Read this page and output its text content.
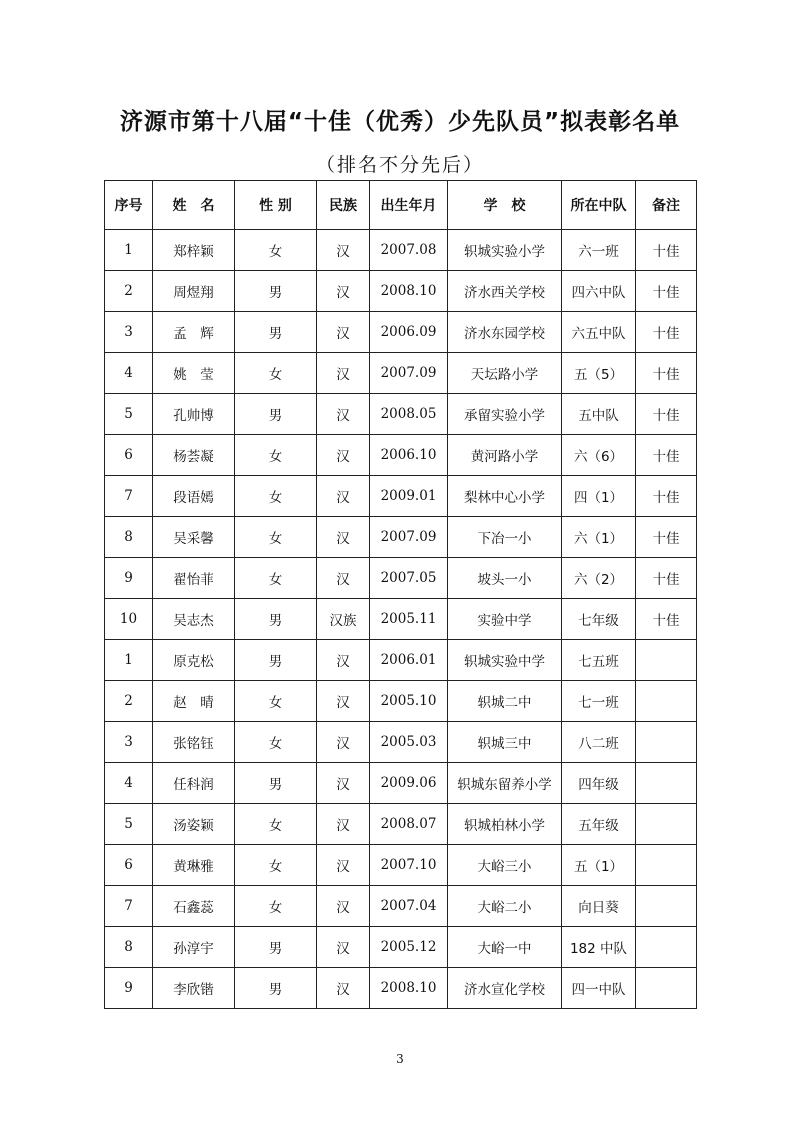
济源市第十八届“十佳（优秀）少先队员”拟表彰名单
（排名不分先后）
序号	姓　名	性 别	民族	出生年月	学　校	所在中队	备注
1	郑梓颖	女	汉	2007.08	轵城实验小学	六一班	十佳
2	周煜翔	男	汉	2008.10	济水西关学校	四六中队	十佳
3	孟　辉	男	汉	2006.09	济水东园学校	六五中队	十佳
4	姚　莹	女	汉	2007.09	天坛路小学	五（5）	十佳
5	孔帅博	男	汉	2008.05	承留实验小学	五中队	十佳
6	杨荟凝	女	汉	2006.10	黄河路小学	六（6）	十佳
7	段语嫣	女	汉	2009.01	梨林中心小学	四（1）	十佳
8	吴采馨	女	汉	2007.09	下冶一小	六（1）	十佳
9	翟怡菲	女	汉	2007.05	坡头一小	六（2）	十佳
10	吴志杰	男	汉族	2005.11	实验中学	七年级	十佳
1	原克松	男	汉	2006.01	轵城实验中学	七五班	
2	赵　晴	女	汉	2005.10	轵城二中	七一班	
3	张铭钰	女	汉	2005.03	轵城三中	八二班	
4	任科润	男	汉	2009.06	轵城东留养小学	四年级	
5	汤姿颖	女	汉	2008.07	轵城柏林小学	五年级	
6	黄琳雅	女	汉	2007.10	大峪三小	五（1）	
7	石鑫蕊	女	汉	2007.04	大峪二小	向日葵	
8	孙淳宇	男	汉	2005.12	大峪一中	182 中队	
9	李欣锴	男	汉	2008.10	济水宣化学校	四一中队	
3
